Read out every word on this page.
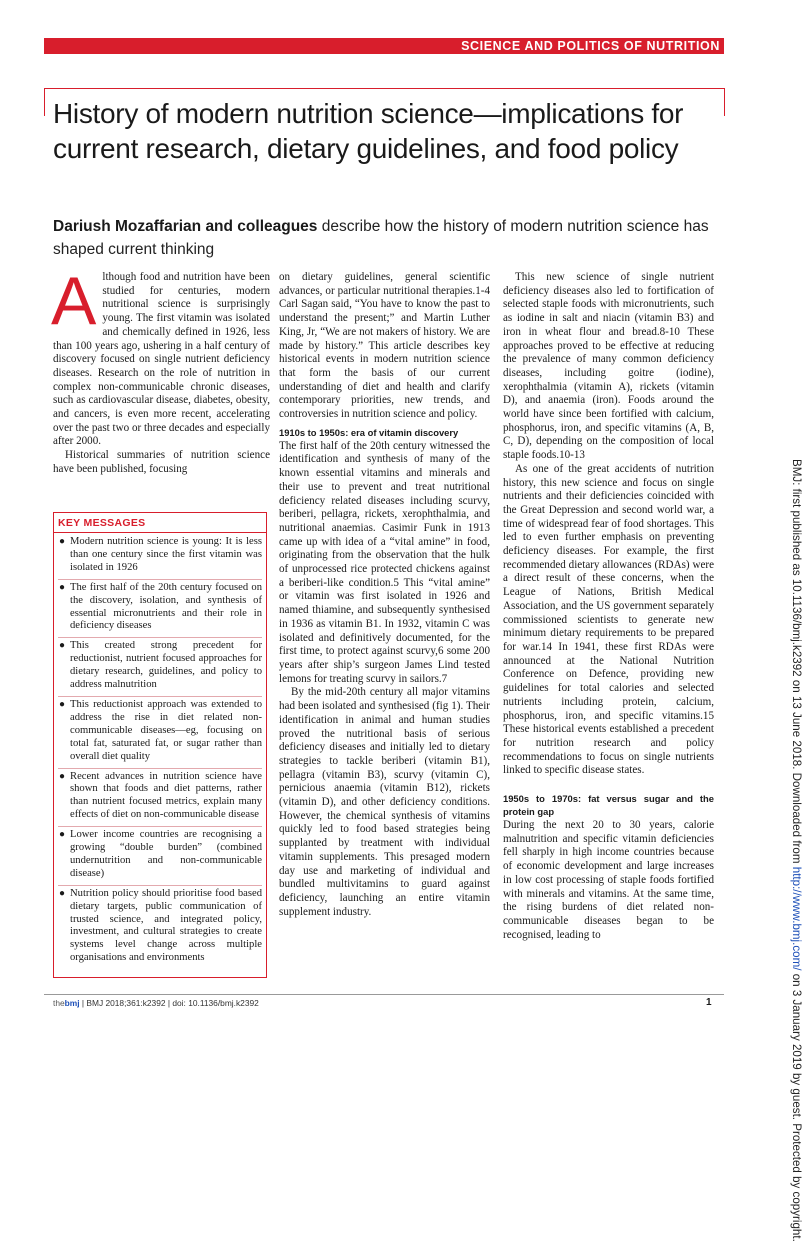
SCIENCE AND POLITICS OF NUTRITION
History of modern nutrition science—implications for current research, dietary guidelines, and food policy
Dariush Mozaffarian and colleagues describe how the history of modern nutrition science has shaped current thinking
A lthough food and nutrition have been studied for centuries, modern nutritional science is surprisingly young. The first vitamin was isolated and chemically defined in 1926, less than 100 years ago, ushering in a half century of discovery focused on single nutrient deficiency diseases. Research on the role of nutrition in complex non-communicable chronic diseases, such as cardiovascular disease, diabetes, obesity, and cancers, is even more recent, accelerating over the past two or three decades and especially after 2000.

Historical summaries of nutrition science have been published, focusing

KEY MESSAGES
● Modern nutrition science is young: It is less than one century since the first vitamin was isolated in 1926
● The first half of the 20th century focused on the discovery, isolation, and synthesis of essential micronutrients and their role in deficiency diseases
● This created strong precedent for reductionist, nutrient focused approaches for dietary research, guidelines, and policy to address malnutrition
● This reductionist approach was extended to address the rise in diet related non-communicable diseases—eg, focusing on total fat, saturated fat, or sugar rather than overall diet quality
● Recent advances in nutrition science have shown that foods and diet patterns, rather than nutrient focused metrics, explain many effects of diet on non-communicable disease
● Lower income countries are recognising a growing “double burden” (combined undernutrition and non-communicable disease)
● Nutrition policy should prioritise food based dietary targets, public communication of trusted science, and integrated policy, investment, and cultural strategies to create systems level change across multiple organisations and environments

on dietary guidelines, general scientific advances, or particular nutritional therapies.1-4 Carl Sagan said, “You have to know the past to understand the present;” and Martin Luther King, Jr, “We are not makers of history. We are made by history.” This article describes key historical events in modern nutrition science that form the basis of our current understanding of diet and health and clarify contemporary priorities, new trends, and controversies in nutrition science and policy.

1910s to 1950s: era of vitamin discovery

The first half of the 20th century witnessed the identification and synthesis of many of the known essential vitamins and minerals and their use to prevent and treat nutritional deficiency related diseases including scurvy, beriberi, pellagra, rickets, xerophthalmia, and nutritional anaemias. Casimir Funk in 1913 came up with idea of a “vital amine” in food, originating from the observation that the hulk of unprocessed rice protected chickens against a beriberi-like condition.5 This “vital amine” or vitamin was first isolated in 1926 and named thiamine, and subsequently synthesised in 1936 as vitamin B1. In 1932, vitamin C was isolated and definitively documented, for the first time, to protect against scurvy,6 some 200 years after ship’s surgeon James Lind tested lemons for treating scurvy in sailors.7

By the mid-20th century all major vitamins had been isolated and synthesised (fig 1). Their identification in animal and human studies proved the nutritional basis of serious deficiency diseases and initially led to dietary strategies to tackle beriberi (vitamin B1), pellagra (vitamin B3), scurvy (vitamin C), pernicious anaemia (vitamin B12), rickets (vitamin D), and other deficiency conditions. However, the chemical synthesis of vitamins quickly led to food based strategies being supplanted by treatment with individual vitamin supplements. This presaged modern day use and marketing of individual and bundled multivitamins to guard against deficiency, launching an entire vitamin supplement industry.

This new science of single nutrient deficiency diseases also led to fortification of selected staple foods with micronutrients, such as iodine in salt and niacin (vitamin B3) and iron in wheat flour and bread.8-10 These approaches proved to be effective at reducing the prevalence of many common deficiency diseases, including goitre (iodine), xerophthalmia (vitamin A), rickets (vitamin D), and anaemia (iron). Foods around the world have since been fortified with calcium, phosphorus, iron, and specific vitamins (A, B, C, D), depending on the composition of local staple foods.10-13

As one of the great accidents of nutrition history, this new science and focus on single nutrients and their deficiencies coincided with the Great Depression and second world war, a time of widespread fear of food shortages. This led to even further emphasis on preventing deficiency diseases. For example, the first recommended dietary allowances (RDAs) were a direct result of these concerns, when the League of Nations, British Medical Association, and the US government separately commissioned scientists to generate new minimum dietary requirements to be prepared for war.14 In 1941, these first RDAs were announced at the National Nutrition Conference on Defence, providing new guidelines for total calories and selected nutrients including protein, calcium, phosphorus, iron, and specific vitamins.15 These historical events established a precedent for nutrition research and policy recommendations to focus on single nutrients linked to specific disease states.

1950s to 1970s: fat versus sugar and the protein gap

During the next 20 to 30 years, calorie malnutrition and specific vitamin deficiencies fell sharply in high income countries because of economic development and large increases in low cost processing of staple foods fortified with minerals and vitamins. At the same time, the rising burdens of diet related non-communicable diseases began to be recognised, leading to

BMJ: first published as 10.1136/bmj.k2392 on 13 June 2018. Downloaded from http://www.bmj.com/ on 3 January 2019 by guest. Protected by copyright.
thebmj | BMJ 2018;361:k2392 | doi: 10.1136/bmj.k2392	1
